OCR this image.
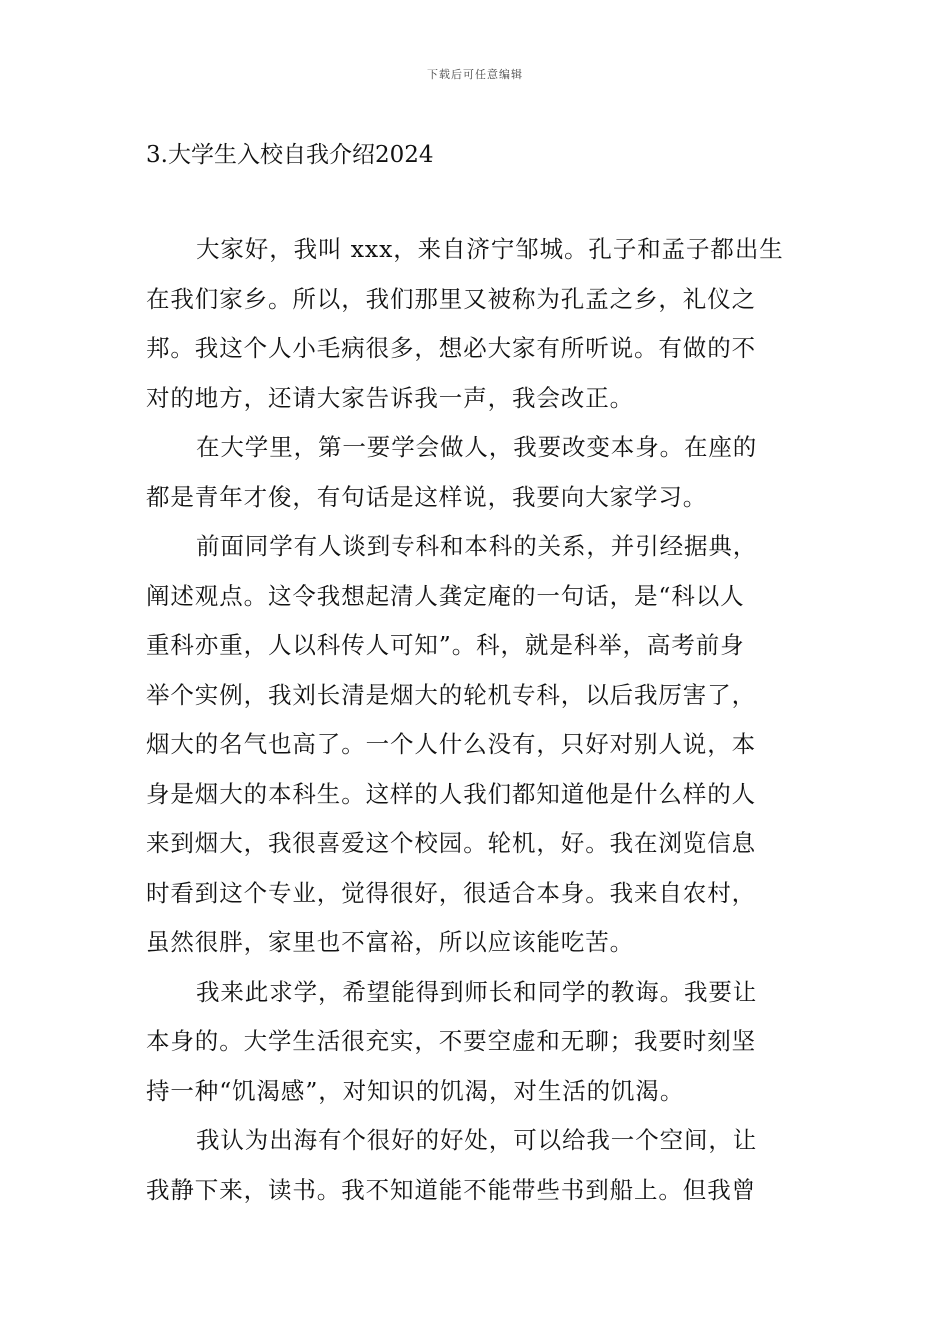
下载后可任意编辑
3.大学生入校自我介绍2024
大家好，我叫 xxx，来自济宁邹城。孔子和孟子都出生
在我们家乡。所以，我们那里又被称为孔孟之乡，礼仪之
邦。我这个人小毛病很多，想必大家有所听说。有做的不
对的地方，还请大家告诉我一声，我会改正。
在大学里，第一要学会做人，我要改变本身。在座的
都是青年才俊，有句话是这样说，我要向大家学习。
前面同学有人谈到专科和本科的关系，并引经据典，
阐述观点。这令我想起清人龚定庵的一句话，是“科以人
重科亦重，人以科传人可知”。科，就是科举，高考前身
举个实例，我刘长清是烟大的轮机专科，以后我厉害了，
烟大的名气也高了。一个人什么没有，只好对别人说，本
身是烟大的本科生。这样的人我们都知道他是什么样的人
来到烟大，我很喜爱这个校园。轮机，好。我在浏览信息
时看到这个专业，觉得很好，很适合本身。我来自农村，
虽然很胖，家里也不富裕，所以应该能吃苦。
我来此求学，希望能得到师长和同学的教诲。我要让
本身的。大学生活很充实，不要空虚和无聊；我要时刻坚
持一种“饥渴感”，对知识的饥渴，对生活的饥渴。
我认为出海有个很好的好处，可以给我一个空间，让
我静下来，读书。我不知道能不能带些书到船上。但我曾
